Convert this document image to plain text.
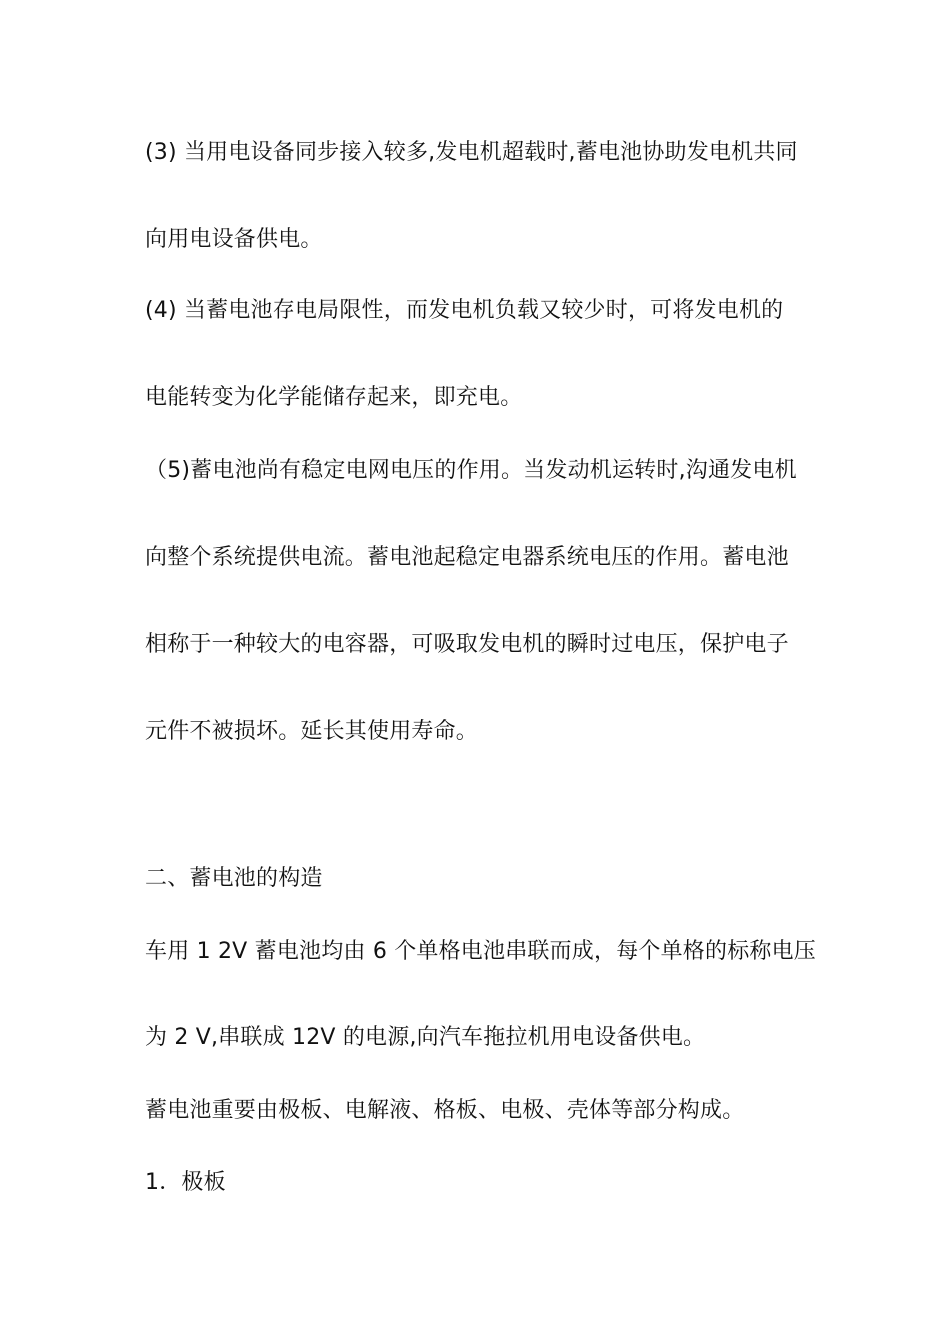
(3) 当用电设备同步接入较多,发电机超载时,蓄电池协助发电机共同
向用电设备供电。
(4) 当蓄电池存电局限性，而发电机负载又较少时，可将发电机的
电能转变为化学能储存起来，即充电。
（5)蓄电池尚有稳定电网电压的作用。当发动机运转时,沟通发电机
向整个系统提供电流。蓄电池起稳定电器系统电压的作用。蓄电池
相称于一种较大的电容器，可吸取发电机的瞬时过电压，保护电子
元件不被损坏。延长其使用寿命。
二、蓄电池的构造
车用 1 2V 蓄电池均由 6 个单格电池串联而成，每个单格的标称电压
为 2 V,串联成 12V 的电源,向汽车拖拉机用电设备供电。
蓄电池重要由极板、电解液、格板、电极、壳体等部分构成。
1．极板
